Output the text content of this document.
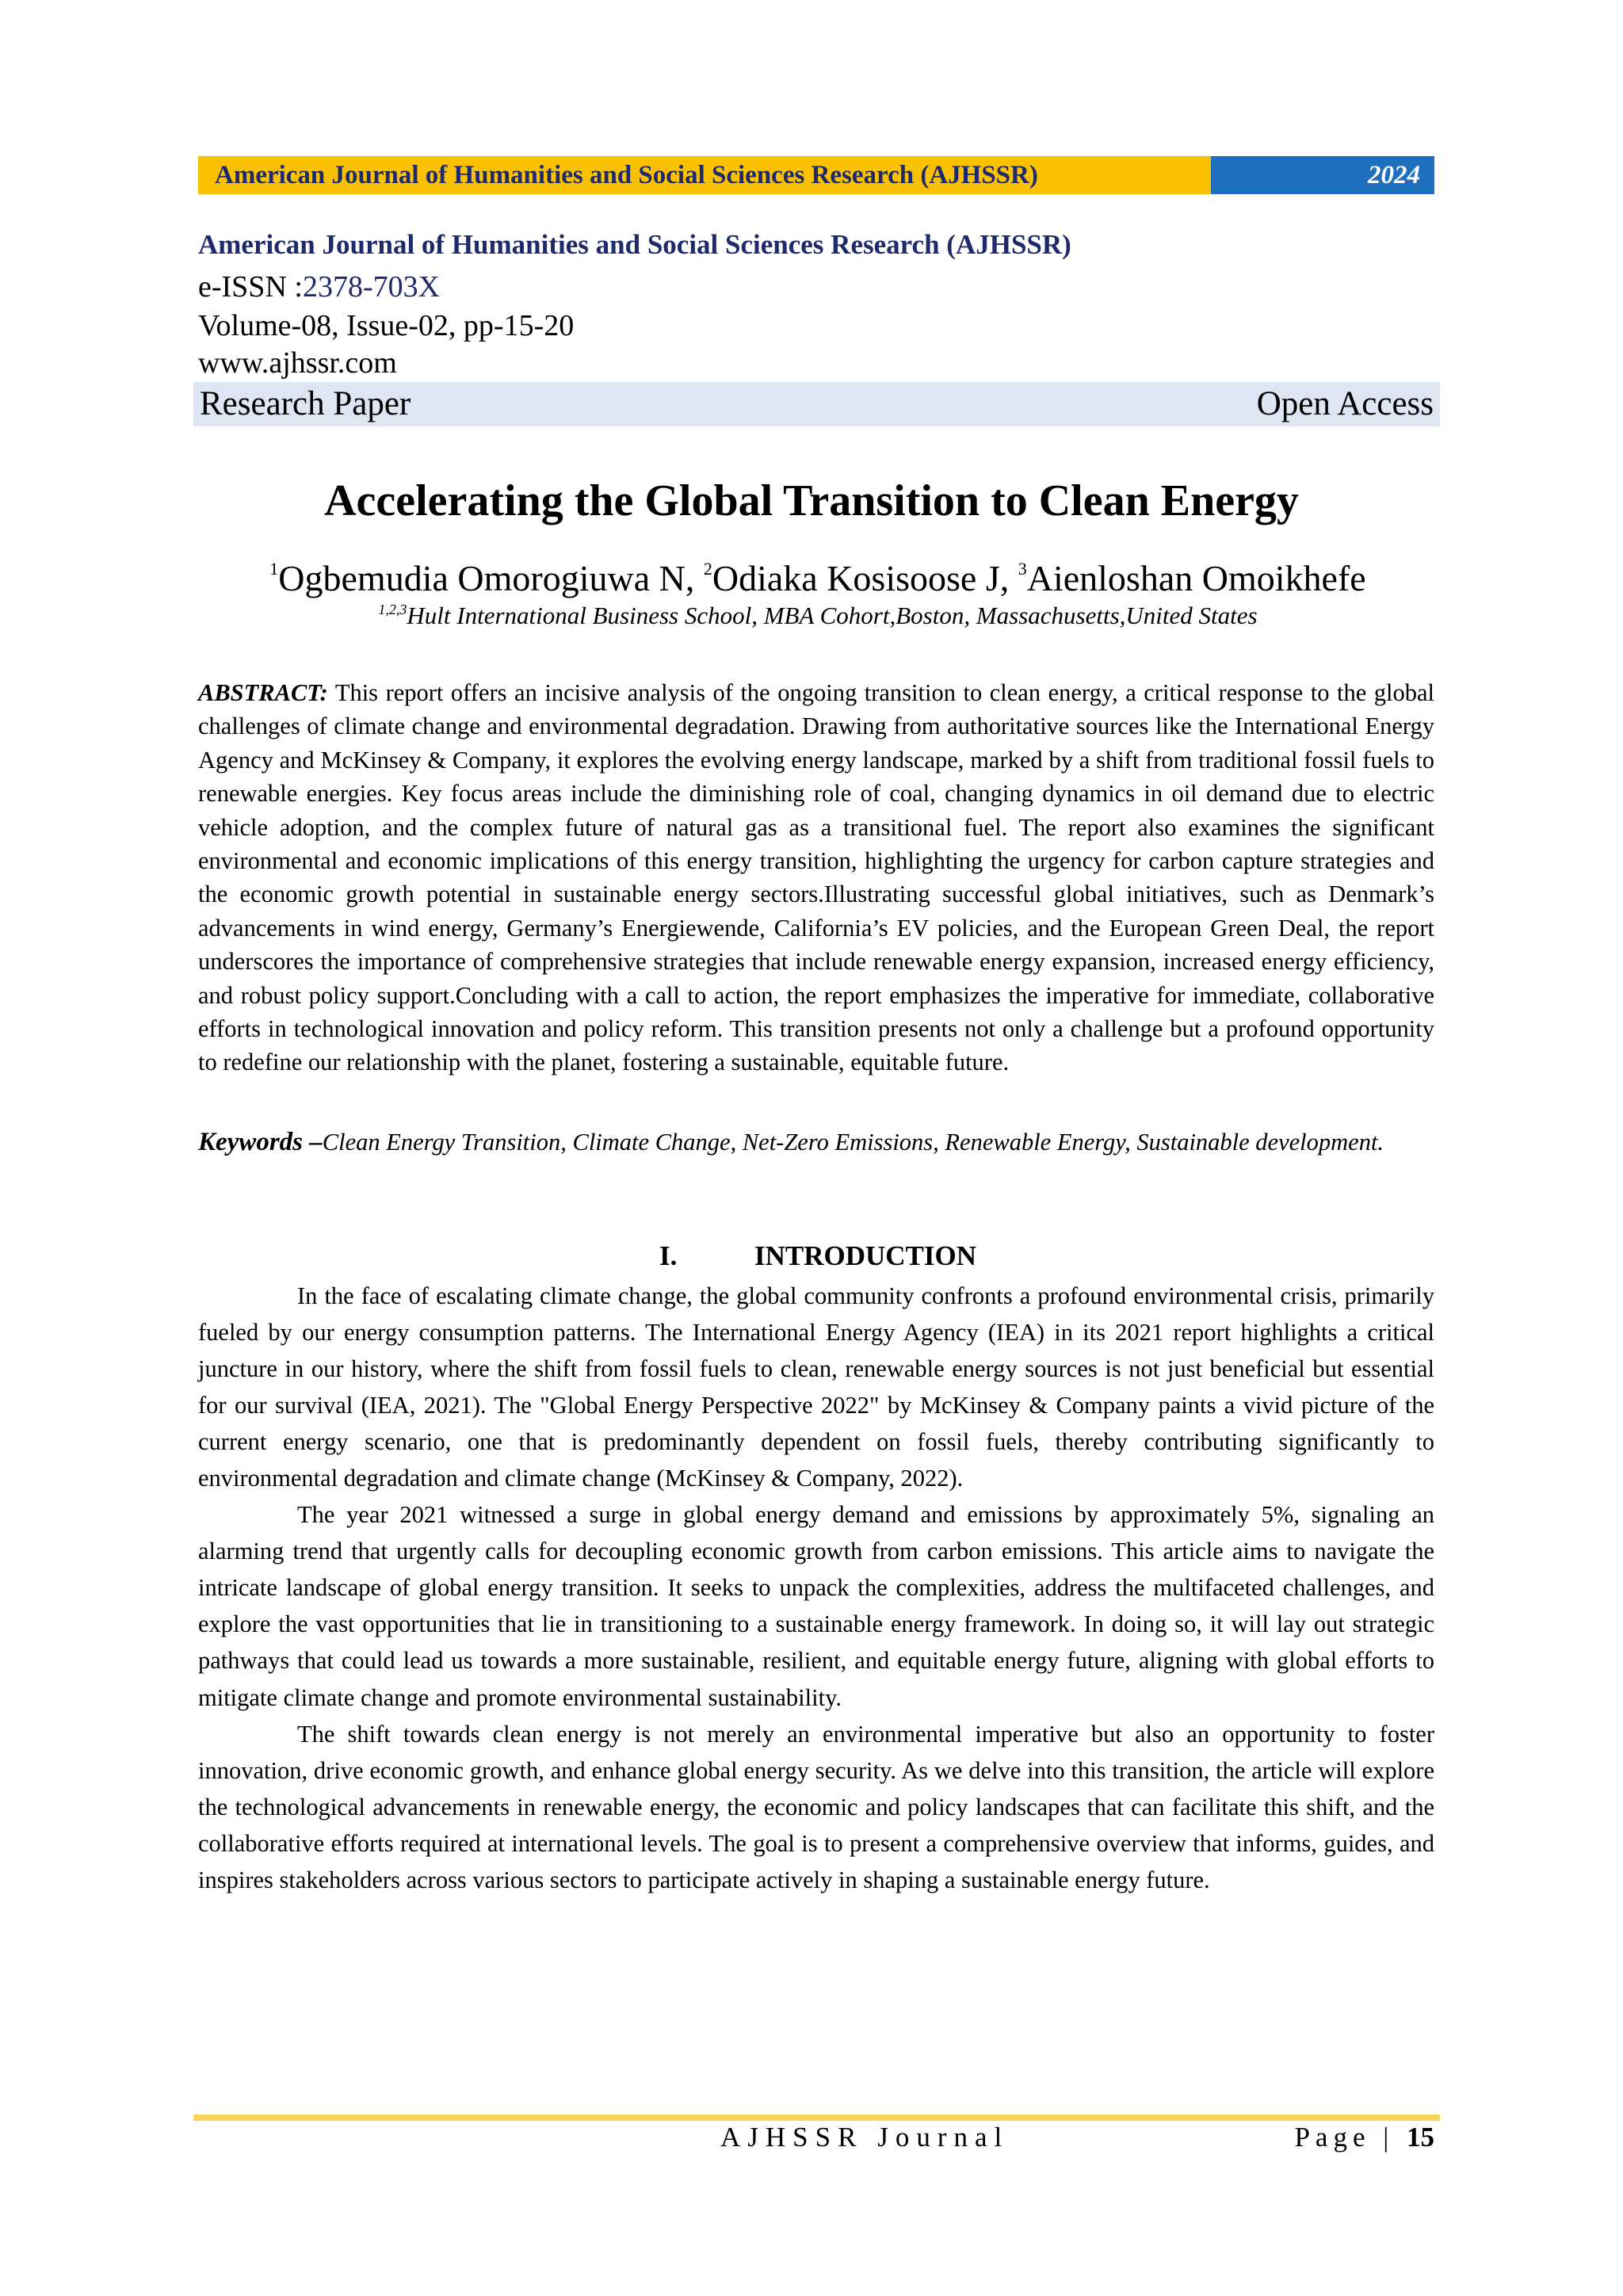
American Journal of Humanities and Social Sciences Research (AJHSSR)	2024
American Journal of Humanities and Social Sciences Research (AJHSSR)
e-ISSN :2378-703X
Volume-08, Issue-02, pp-15-20
www.ajhssr.com
Research Paper	Open Access
Accelerating the Global Transition to Clean Energy
$^1$Ogbemudia Omorogiuwa N, $^2$Odiaka Kosisoose J, $^3$Aienloshan Omoikhefe
$^{1,2,3}$Hult International Business School, MBA Cohort,Boston, Massachusetts,United States
ABSTRACT: This report offers an incisive analysis of the ongoing transition to clean energy, a critical response to the global challenges of climate change and environmental degradation. Drawing from authoritative sources like the International Energy Agency and McKinsey & Company, it explores the evolving energy landscape, marked by a shift from traditional fossil fuels to renewable energies. Key focus areas include the diminishing role of coal, changing dynamics in oil demand due to electric vehicle adoption, and the complex future of natural gas as a transitional fuel. The report also examines the significant environmental and economic implications of this energy transition, highlighting the urgency for carbon capture strategies and the economic growth potential in sustainable energy sectors.Illustrating successful global initiatives, such as Denmark’s advancements in wind energy, Germany’s Energiewende, California’s EV policies, and the European Green Deal, the report underscores the importance of comprehensive strategies that include renewable energy expansion, increased energy efficiency, and robust policy support.Concluding with a call to action, the report emphasizes the imperative for immediate, collaborative efforts in technological innovation and policy reform. This transition presents not only a challenge but a profound opportunity to redefine our relationship with the planet, fostering a sustainable, equitable future.
Keywords –Clean Energy Transition, Climate Change, Net-Zero Emissions, Renewable Energy, Sustainable development.
I.	INTRODUCTION

In the face of escalating climate change, the global community confronts a profound environmental crisis, primarily fueled by our energy consumption patterns. The International Energy Agency (IEA) in its 2021 report highlights a critical juncture in our history, where the shift from fossil fuels to clean, renewable energy sources is not just beneficial but essential for our survival (IEA, 2021). The "Global Energy Perspective 2022" by McKinsey & Company paints a vivid picture of the current energy scenario, one that is predominantly dependent on fossil fuels, thereby contributing significantly to environmental degradation and climate change (McKinsey & Company, 2022).

The year 2021 witnessed a surge in global energy demand and emissions by approximately 5%, signaling an alarming trend that urgently calls for decoupling economic growth from carbon emissions. This article aims to navigate the intricate landscape of global energy transition. It seeks to unpack the complexities, address the multifaceted challenges, and explore the vast opportunities that lie in transitioning to a sustainable energy framework. In doing so, it will lay out strategic pathways that could lead us towards a more sustainable, resilient, and equitable energy future, aligning with global efforts to mitigate climate change and promote environmental sustainability.

The shift towards clean energy is not merely an environmental imperative but also an opportunity to foster innovation, drive economic growth, and enhance global energy security. As we delve into this transition, the article will explore the technological advancements in renewable energy, the economic and policy landscapes that can facilitate this shift, and the collaborative efforts required at international levels. The goal is to present a comprehensive overview that informs, guides, and inspires stakeholders across various sectors to participate actively in shaping a sustainable energy future.

AJHSSR Journal	Page | 15
